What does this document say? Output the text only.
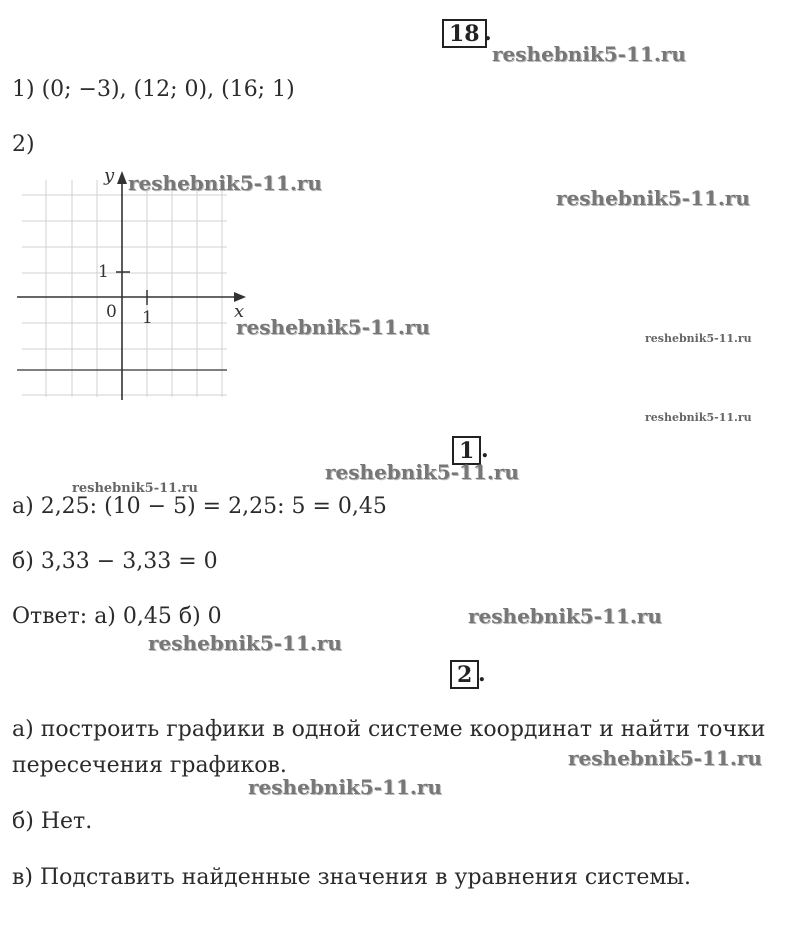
18 .
1) (0; −3), (12; 0), (16; 1)
2)
y
x
1
0 1
1 .
а) 2,25: (10 − 5) = 2,25: 5 = 0,45
б) 3,33 − 3,33 = 0
Ответ: а) 0,45 б) 0
2 .
а) построить графики в одной системе координат и найти точки
пересечения графиков.
б) Нет.
в) Подставить найденные значения в уравнения системы.
reshebnik5-11.ru
reshebnik5-11.ru
reshebnik5-11.ru
reshebnik5-11.ru	reshebnik5-11.ru
reshebnik5-11.ru
reshebnik5-11.ru
reshebnik5-11.ru
reshebnik5-11.ru
reshebnik5-11.ru
reshebnik5-11.ru
reshebnik5-11.ru
